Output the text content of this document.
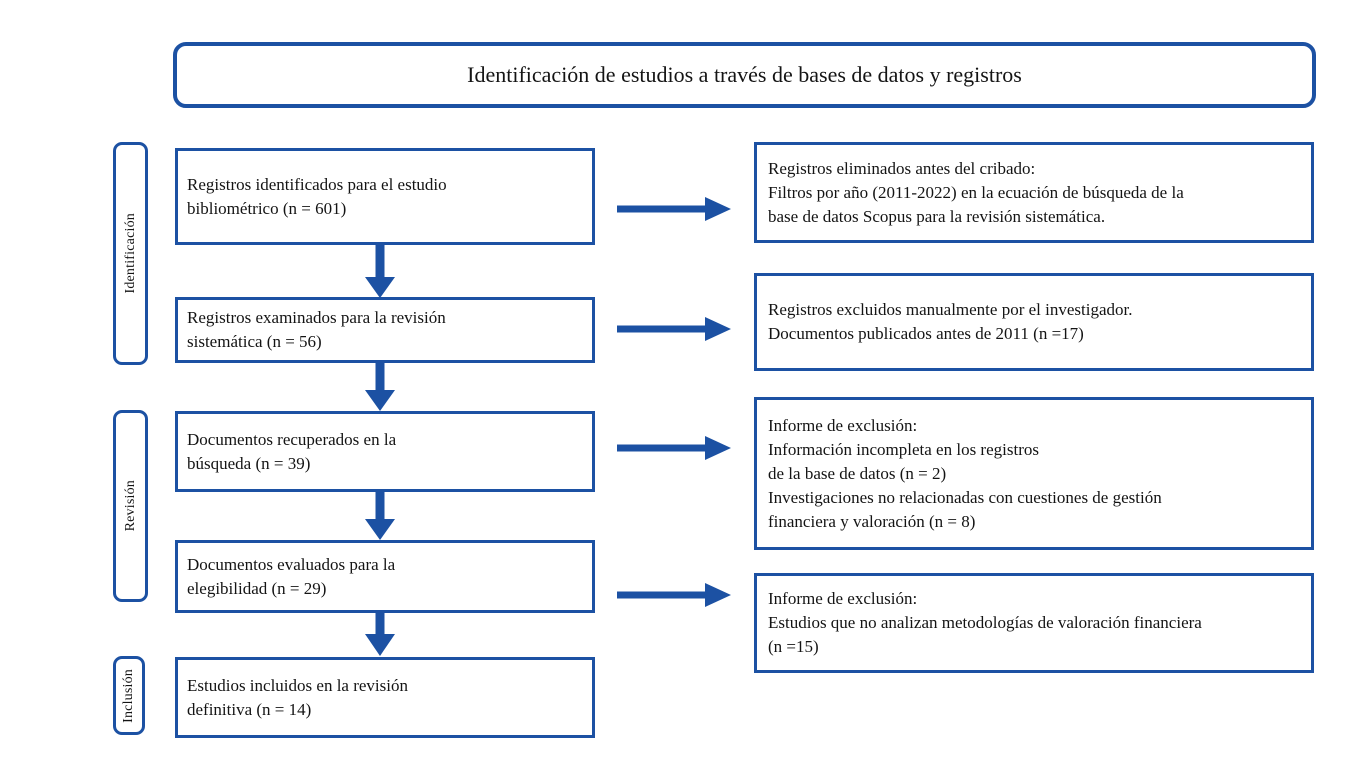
Identificación de estudios a través de bases de datos y registros
Identificación
Revisión
Inclusión
Registros identificados para el estudio
bibliométrico (n = 601)
Registros examinados para la revisión
sistemática (n = 56)
Documentos recuperados en la
búsqueda (n = 39)
Documentos evaluados para la
elegibilidad (n = 29)
Estudios incluidos en la revisión
definitiva (n = 14)
Registros eliminados antes del cribado:
Filtros por año (2011-2022) en la ecuación de búsqueda de la
base de datos Scopus para la revisión sistemática.
Registros excluidos manualmente por el investigador.
Documentos publicados antes de 2011 (n =17)
Informe de exclusión:
Información incompleta en los registros
de la base de datos (n = 2)
Investigaciones no relacionadas con cuestiones de gestión
financiera y valoración (n = 8)
Informe de exclusión:
Estudios que no analizan metodologías de valoración financiera
(n =15)
